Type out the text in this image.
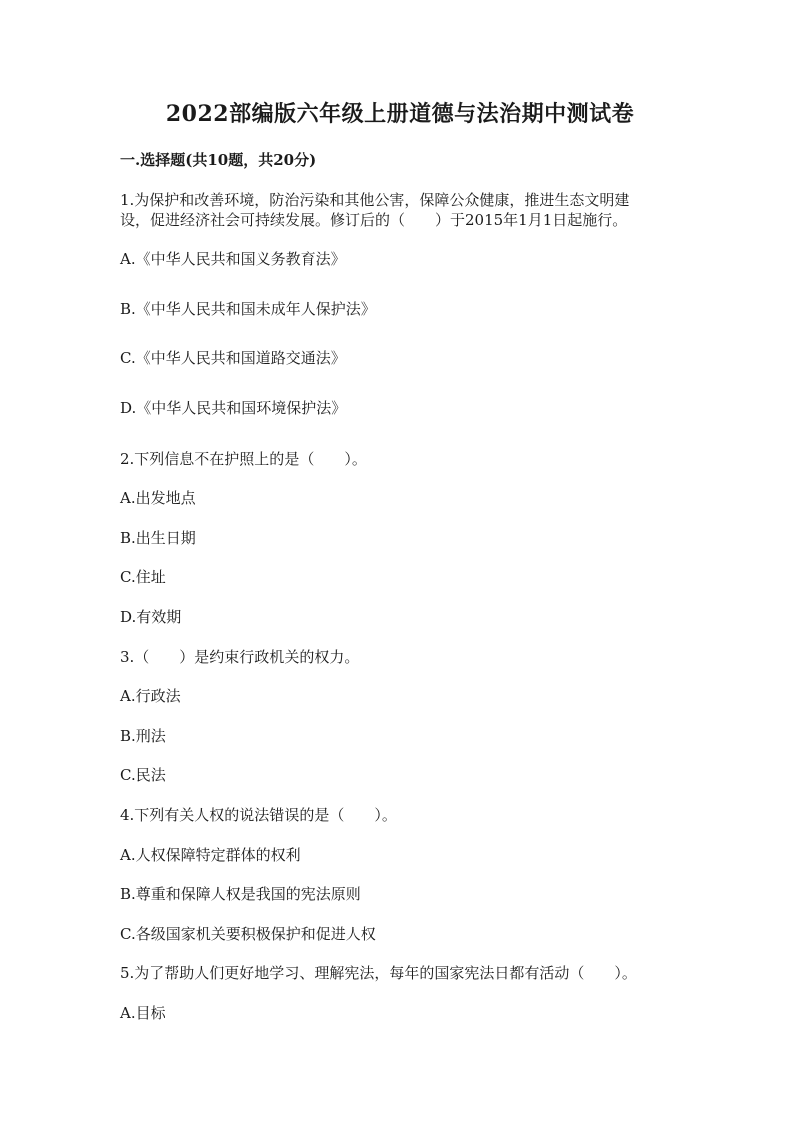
2022部编版六年级上册道德与法治期中测试卷
一.选择题(共10题，共20分)
1.为保护和改善环境，防治污染和其他公害，保障公众健康，推进生态文明建
设，促进经济社会可持续发展。修订后的（　　）于2015年1月1日起施行。
A.《中华人民共和国义务教育法》
B.《中华人民共和国未成年人保护法》
C.《中华人民共和国道路交通法》
D.《中华人民共和国环境保护法》
2.下列信息不在护照上的是（　　）。
A.出发地点
B.出生日期
C.住址
D.有效期
3.（　　）是约束行政机关的权力。
A.行政法
B.刑法
C.民法
4.下列有关人权的说法错误的是（　　）。
A.人权保障特定群体的权利
B.尊重和保障人权是我国的宪法原则
C.各级国家机关要积极保护和促进人权
5.为了帮助人们更好地学习、理解宪法，每年的国家宪法日都有活动（　　）。
A.目标
